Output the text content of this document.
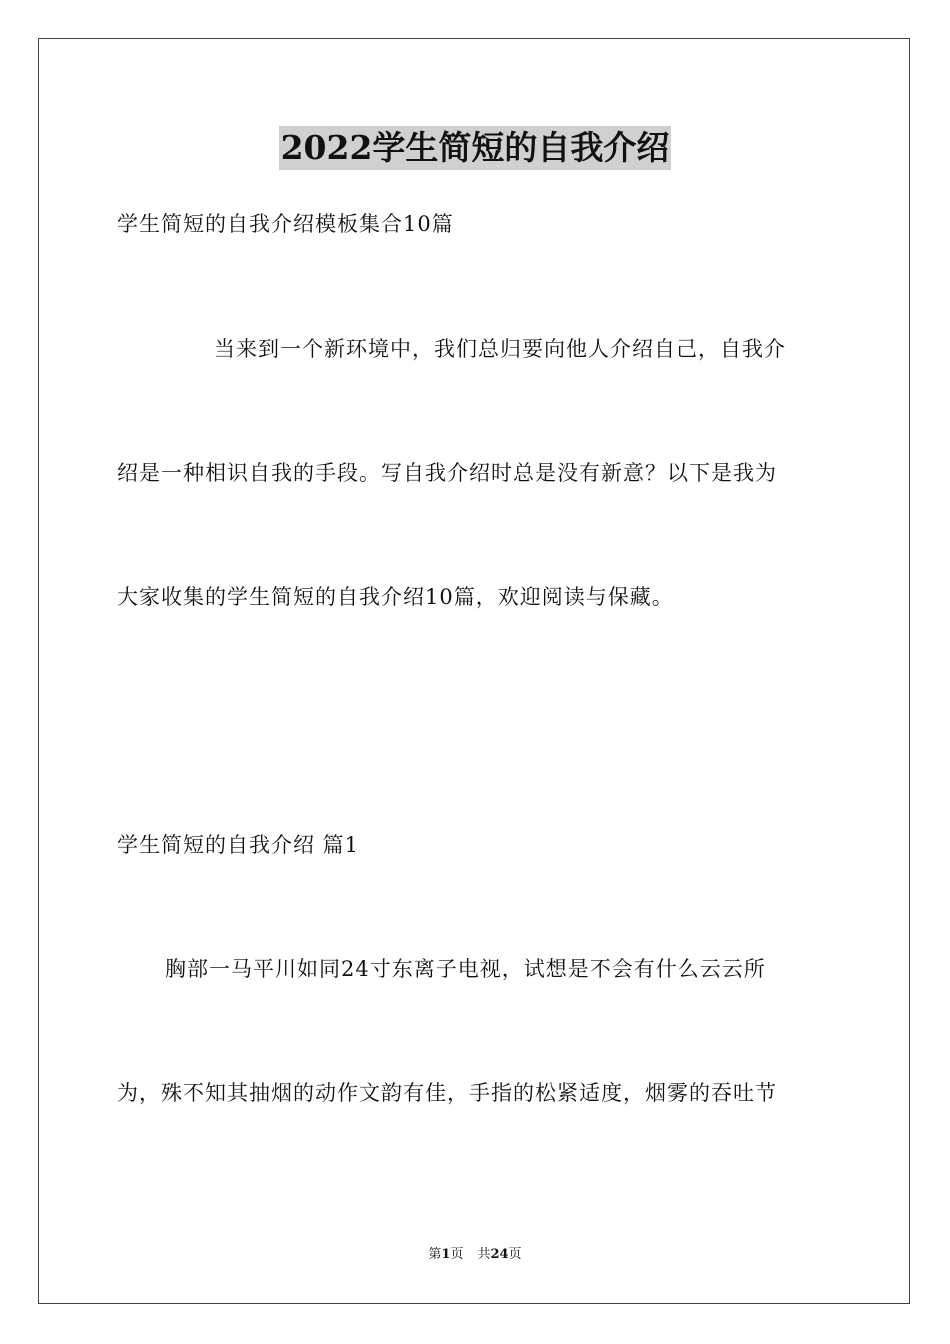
2022学生简短的自我介绍
学生简短的自我介绍模板集合10篇
当来到一个新环境中，我们总归要向他人介绍自己，自我介
绍是一种相识自我的手段。写自我介绍时总是没有新意？以下是我为
大家收集的学生简短的自我介绍10篇，欢迎阅读与保藏。
学生简短的自我介绍 篇1
胸部一马平川如同24寸东离子电视，试想是不会有什么云云所
为，殊不知其抽烟的动作文韵有佳，手指的松紧适度，烟雾的吞吐节
第1页 共24页
